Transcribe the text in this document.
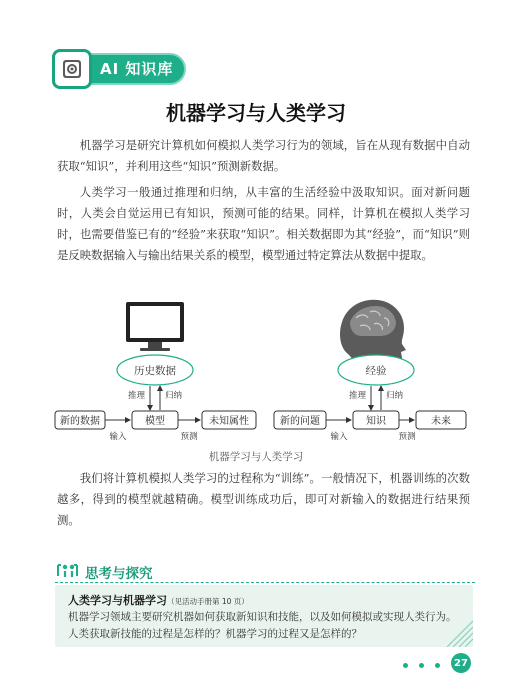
AI 知识库
机器学习与人类学习

机器学习是研究计算机如何模拟人类学习行为的领域，旨在从现有数据中自动获取“知识”，并利用这些“知识”预测新数据。

人类学习一般通过推理和归纳，从丰富的生活经验中汲取知识。面对新问题时，人类会自觉运用已有知识，预测可能的结果。同样，计算机在模拟人类学习时，也需要借鉴已有的“经验”来获取“知识”。相关数据即为其“经验”，而“知识”则是反映数据输入与输出结果关系的模型，模型通过特定算法从数据中提取。

我们将计算机模拟人类学习的过程称为“训练”。一般情况下，机器训练的次数越多，得到的模型就越精确。模型训练成功后，即可对新输入的数据进行结果预测。

历史数据
推理 归纳
新的数据	模型	未知属性
输入	预测
经验
推理 归纳
新的问题	知识	未来
输入	预测
机器学习与人类学习
思考与探究
人类学习与机器学习（见活动手册第 10 页）
机器学习领域主要研究机器如何获取新知识和技能，以及如何模拟或实现人类行为。人类获取新技能的过程是怎样的？机器学习的过程又是怎样的？
27
